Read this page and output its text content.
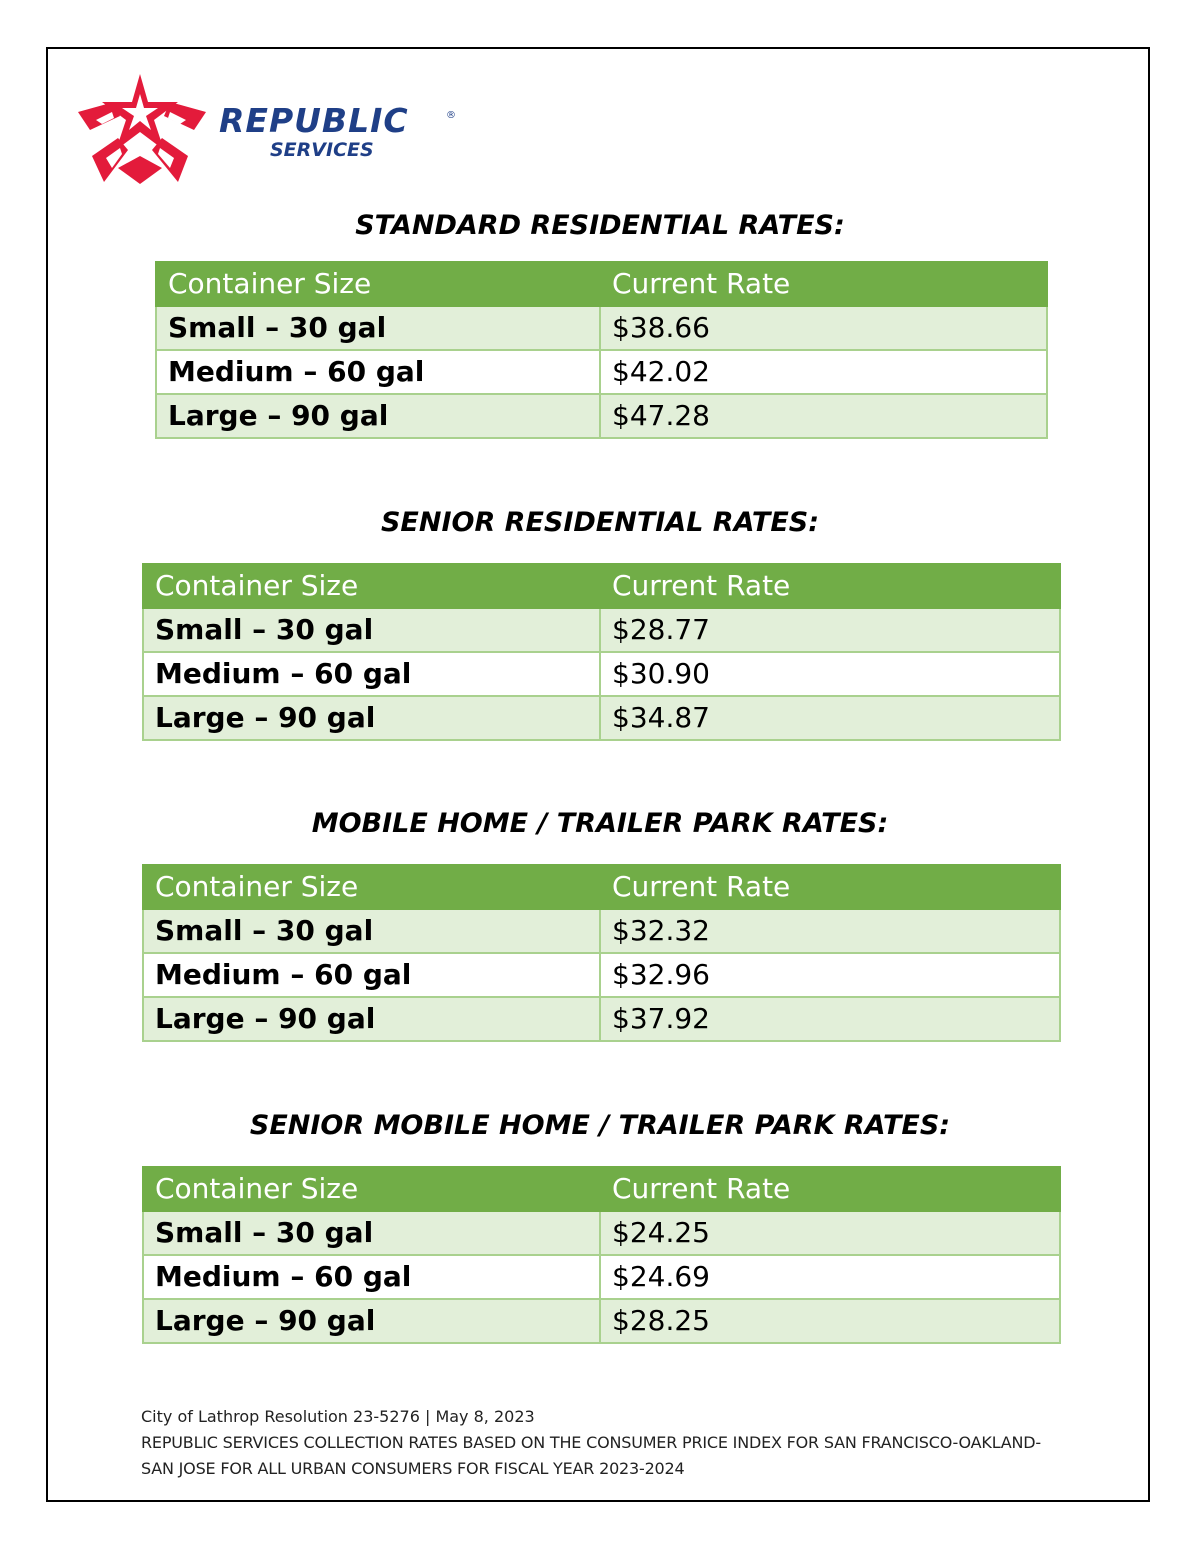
REPUBLIC	®
SERVICES
STANDARD RESIDENTIAL RATES:
Container Size	Current Rate
Small – 30 gal	$38.66
Medium – 60 gal	$42.02
Large – 90 gal	$47.28
SENIOR RESIDENTIAL RATES:
Container Size	Current Rate
Small – 30 gal	$28.77
Medium – 60 gal	$30.90
Large – 90 gal	$34.87
MOBILE HOME / TRAILER PARK RATES:
Container Size	Current Rate
Small – 30 gal	$32.32
Medium – 60 gal	$32.96
Large – 90 gal	$37.92
SENIOR MOBILE HOME / TRAILER PARK RATES:
Container Size	Current Rate
Small – 30 gal	$24.25
Medium – 60 gal	$24.69
Large – 90 gal	$28.25

City of Lathrop Resolution 23-5276 | May 8, 2023

REPUBLIC SERVICES COLLECTION RATES BASED ON THE CONSUMER PRICE INDEX FOR SAN FRANCISCO-OAKLAND-SAN JOSE FOR ALL URBAN CONSUMERS FOR FISCAL YEAR 2023-2024
